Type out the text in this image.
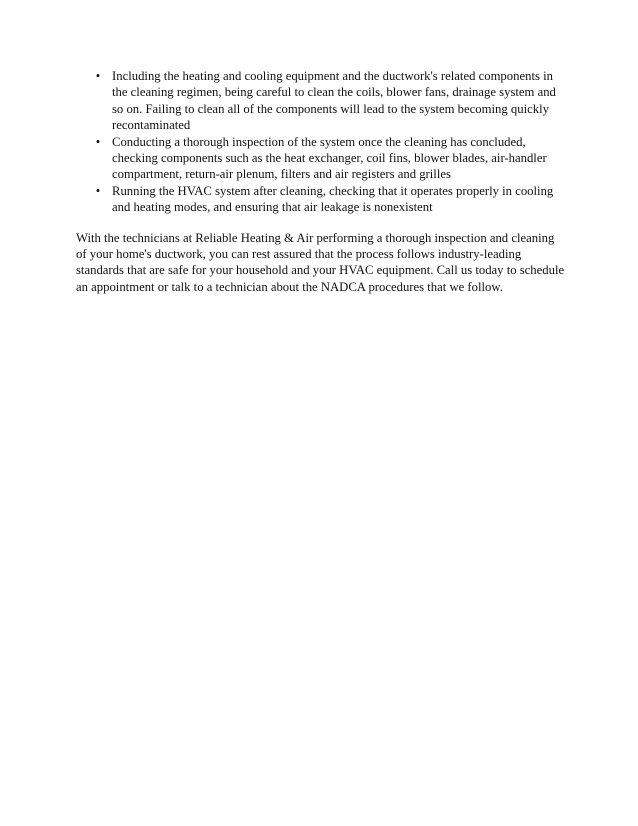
• Including the heating and cooling equipment and the ductwork's related components in the cleaning regimen, being careful to clean the coils, blower fans, drainage system and so on. Failing to clean all of the components will lead to the system becoming quickly recontaminated
• Conducting a thorough inspection of the system once the cleaning has concluded, checking components such as the heat exchanger, coil fins, blower blades, air-handler compartment, return-air plenum, filters and air registers and grilles
• Running the HVAC system after cleaning, checking that it operates properly in cooling and heating modes, and ensuring that air leakage is nonexistent

With the technicians at Reliable Heating & Air performing a thorough inspection and cleaning of your home's ductwork, you can rest assured that the process follows industry-leading standards that are safe for your household and your HVAC equipment. Call us today to schedule an appointment or talk to a technician about the NADCA procedures that we follow.
